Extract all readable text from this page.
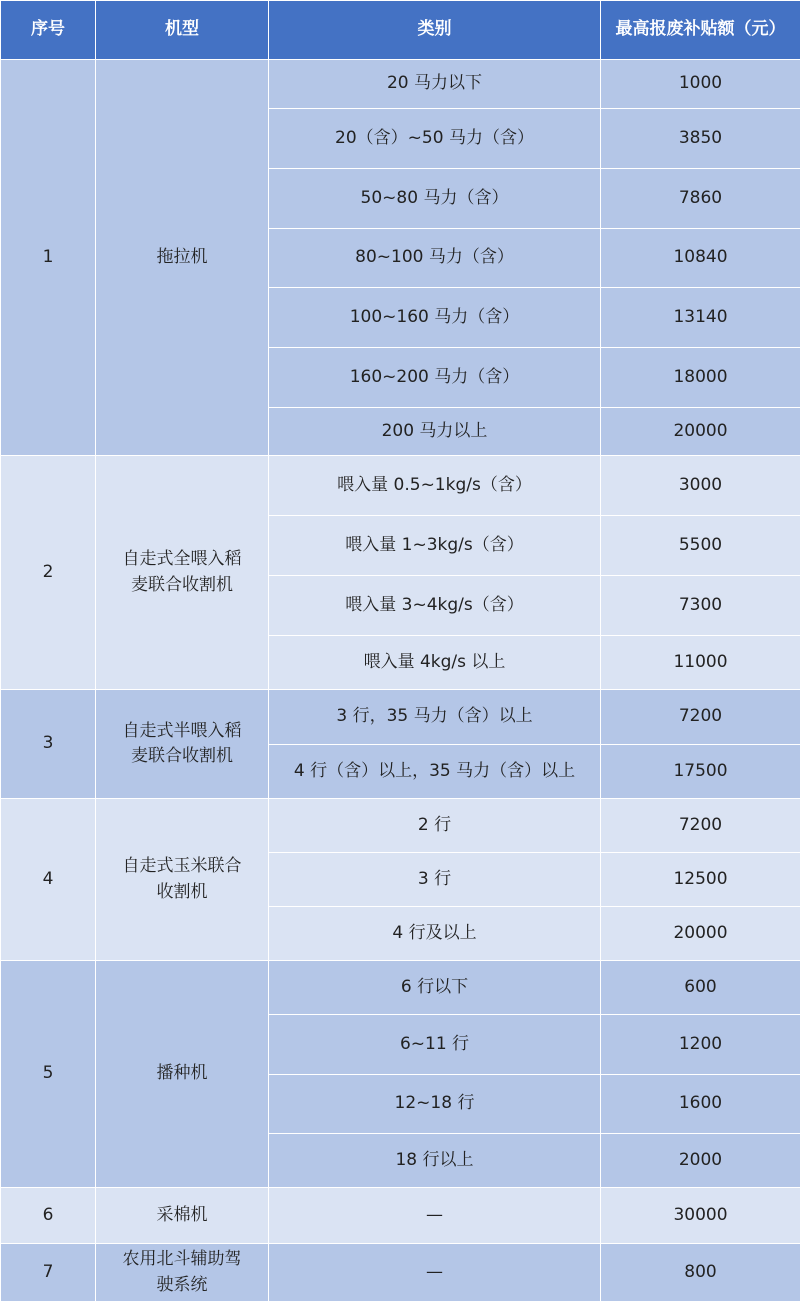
序号	机型	类别	最高报废补贴额（元）
1	拖拉机	20 马力以下	1000
		20（含）~50 马力（含）	3850
		50~80 马力（含）	7860
		80~100 马力（含）	10840
		100~160 马力（含）	13140
		160~200 马力（含）	18000
		200 马力以上	20000
2	自走式全喂入稻麦联合收割机	喂入量 0.5~1kg/s（含）	3000
		喂入量 1~3kg/s（含）	5500
		喂入量 3~4kg/s（含）	7300
		喂入量 4kg/s 以上	11000
3	自走式半喂入稻麦联合收割机	3 行，35 马力（含）以上	7200
		4 行（含）以上，35 马力（含）以上	17500
4	自走式玉米联合收割机	2 行	7200
		3 行	12500
		4 行及以上	20000
5	播种机	6 行以下	600
		6~11 行	1200
		12~18 行	1600
		18 行以上	2000
6	采棉机	—	30000
7	农用北斗辅助驾驶系统	—	800
